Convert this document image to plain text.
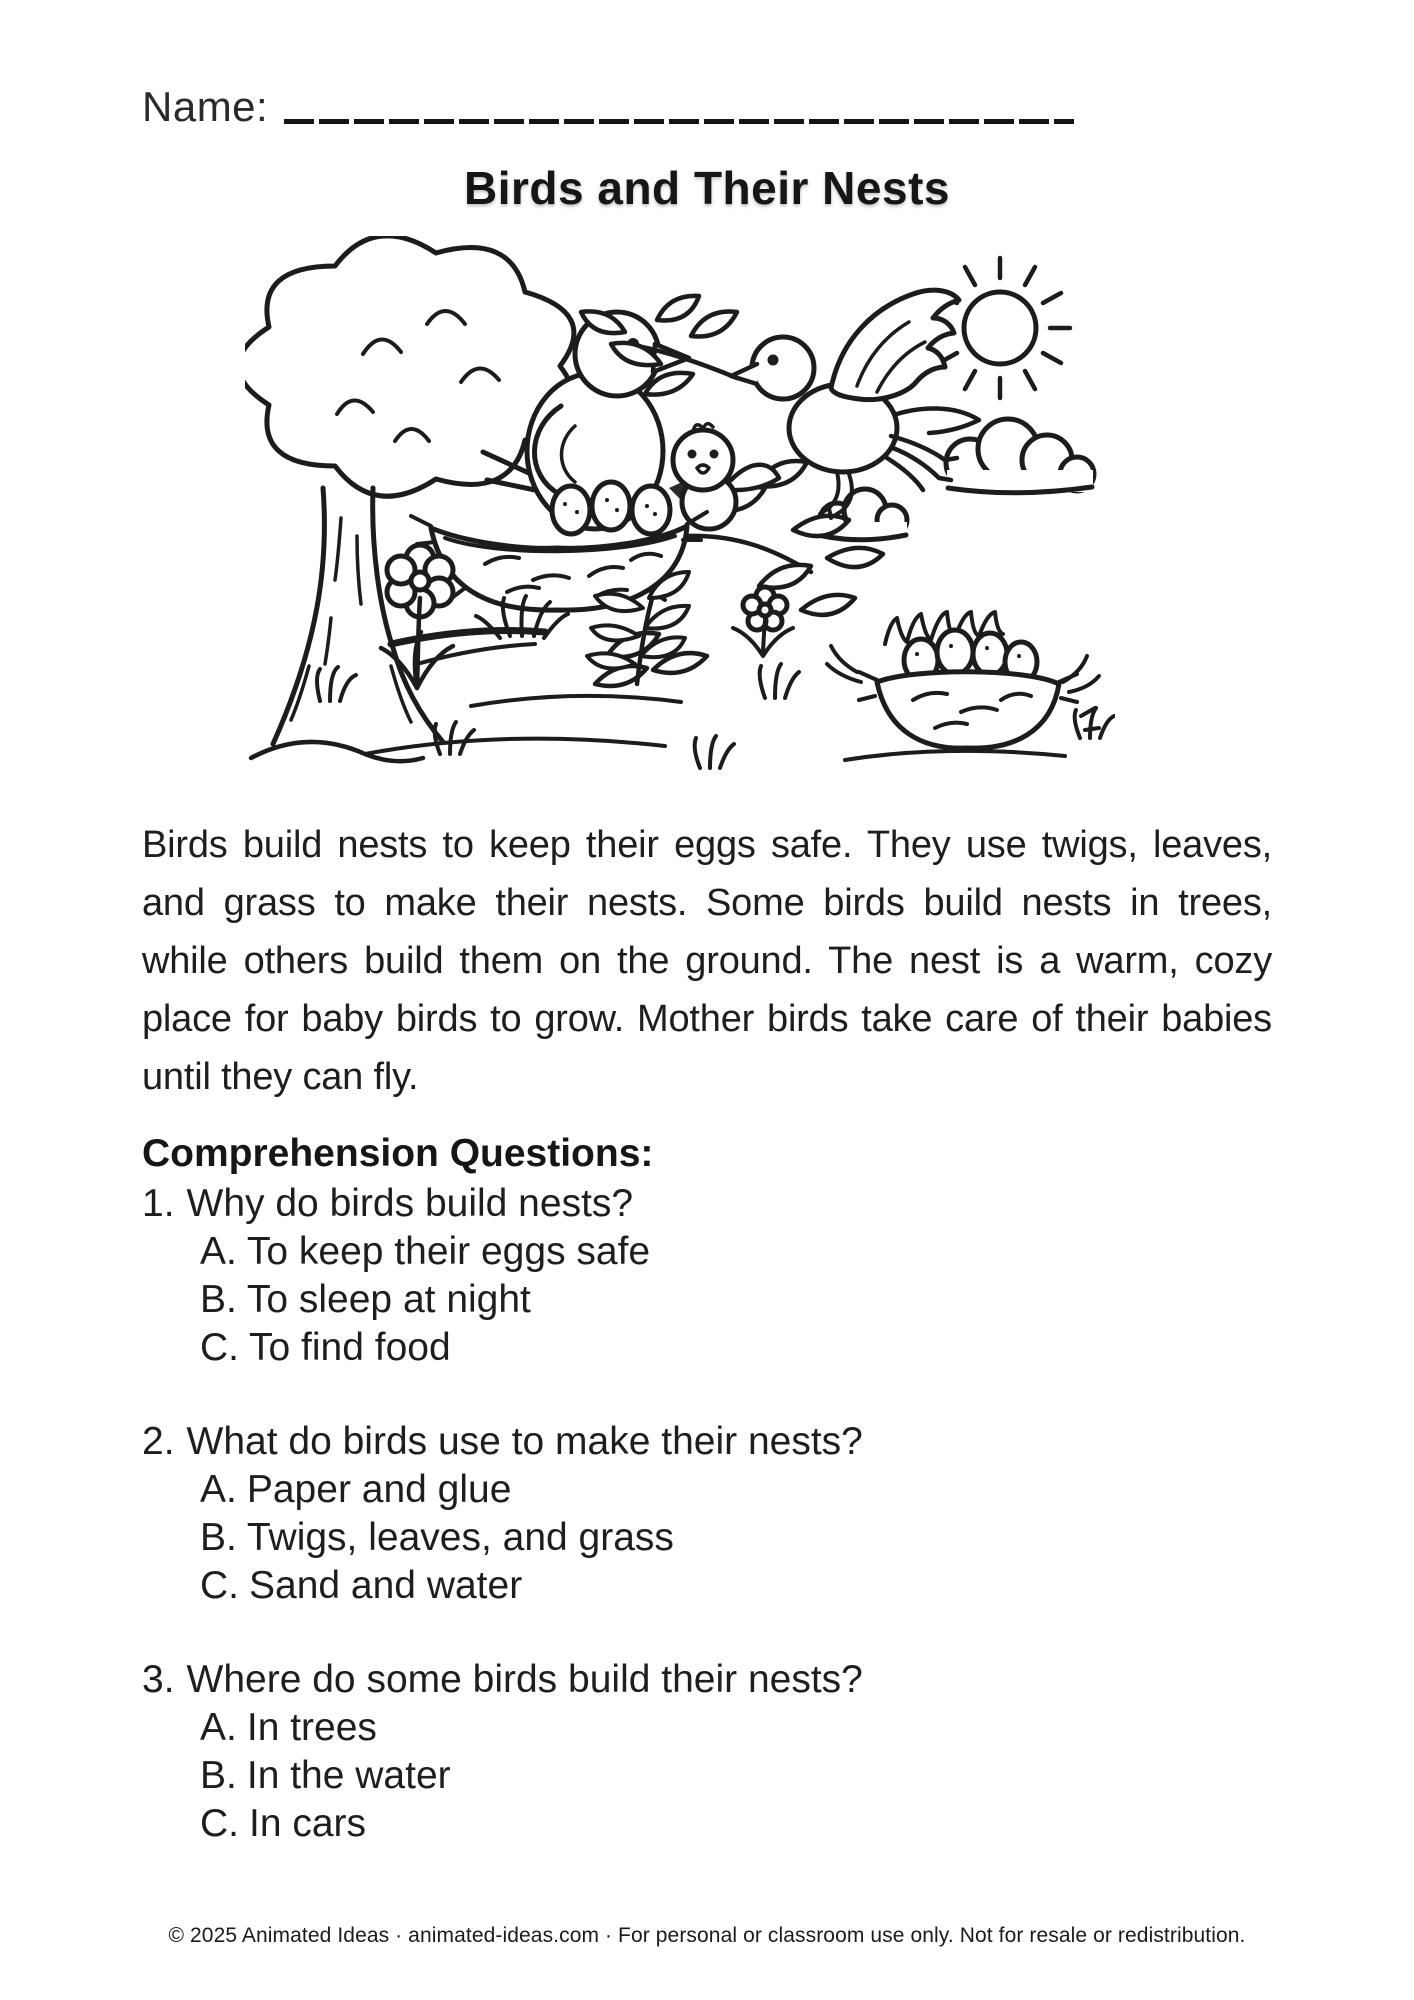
Name:
Birds and Their Nests

Birds build nests to keep their eggs safe. They use twigs, leaves, and grass to make their nests. Some birds build nests in trees, while others build them on the ground. The nest is a warm, cozy place for baby birds to grow. Mother birds take care of their babies until they can fly.

Comprehension Questions:
1. Why do birds build nests?
A. To keep their eggs safe
B. To sleep at night
C. To find food
2. What do birds use to make their nests?
A. Paper and glue
B. Twigs, leaves, and grass
C. Sand and water
3. Where do some birds build their nests?
A. In trees
B. In the water
C. In cars
© 2025 Animated Ideas · animated-ideas.com · For personal or classroom use only. Not for resale or redistribution.
